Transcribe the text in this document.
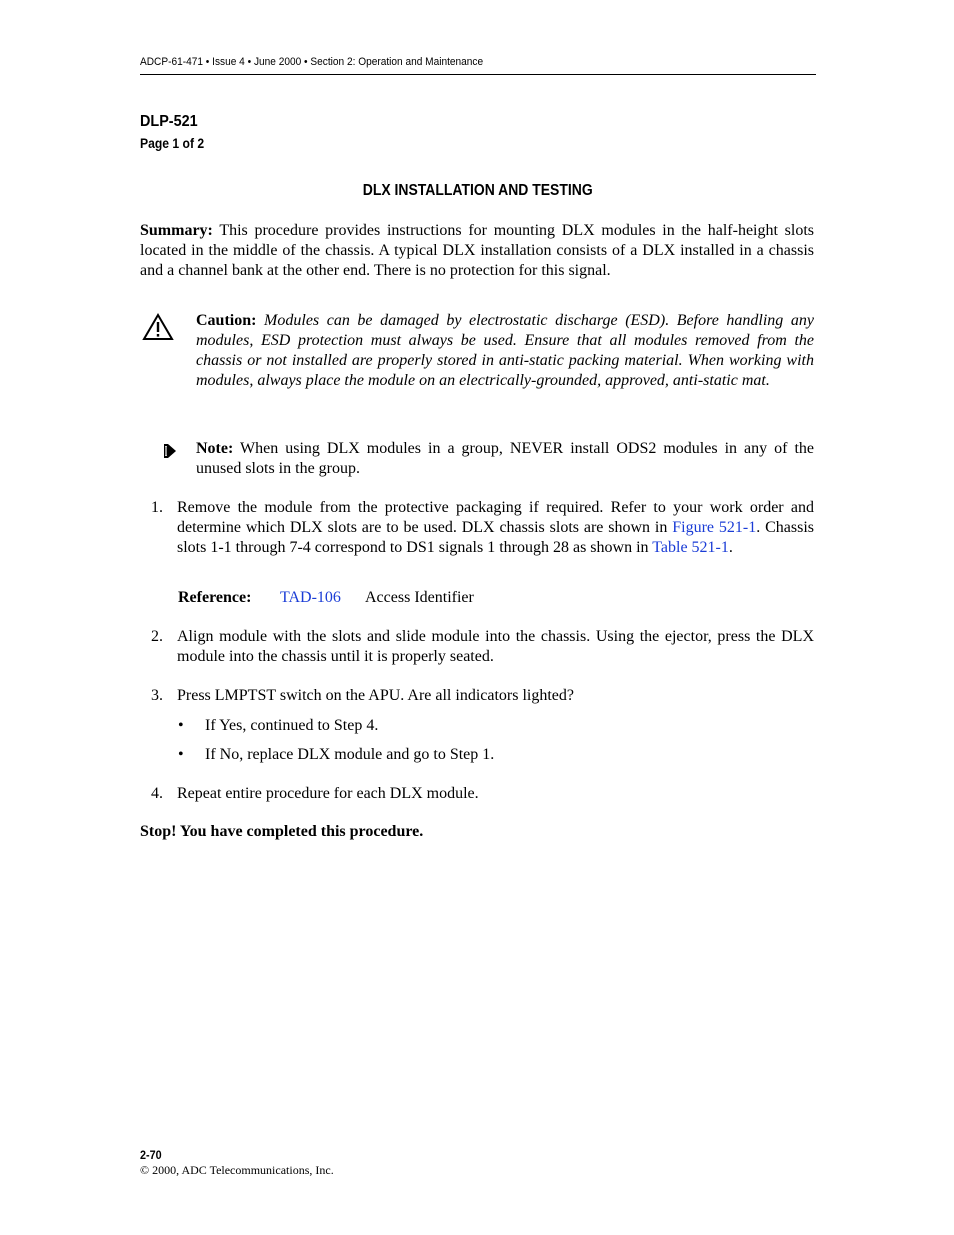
ADCP-61-471 • Issue 4 • June 2000 • Section 2: Operation and Maintenance
DLP-521
Page 1 of 2
DLX INSTALLATION AND TESTING
Summary: This procedure provides instructions for mounting DLX modules in the half-height slots located in the middle of the chassis. A typical DLX installation consists of a DLX installed in a chassis and a channel bank at the other end. There is no protection for this signal.
Caution: Modules can be damaged by electrostatic discharge (ESD). Before handling any modules, ESD protection must always be used. Ensure that all modules removed from the chassis or not installed are properly stored in anti-static packing material. When working with modules, always place the module on an electrically-grounded, approved, anti-static mat.
Note: When using DLX modules in a group, NEVER install ODS2 modules in any of the unused slots in the group.
1. Remove the module from the protective packaging if required. Refer to your work order and determine which DLX slots are to be used. DLX chassis slots are shown in Figure 521-1. Chassis slots 1-1 through 7-4 correspond to DS1 signals 1 through 28 as shown in Table 521-1.
Reference: TAD-106 Access Identifier
2. Align module with the slots and slide module into the chassis. Using the ejector, press the DLX module into the chassis until it is properly seated.
3. Press LMPTST switch on the APU. Are all indicators lighted?
• If Yes, continued to Step 4.
• If No, replace DLX module and go to Step 1.
4. Repeat entire procedure for each DLX module.
Stop! You have completed this procedure.
2-70
© 2000, ADC Telecommunications, Inc.
